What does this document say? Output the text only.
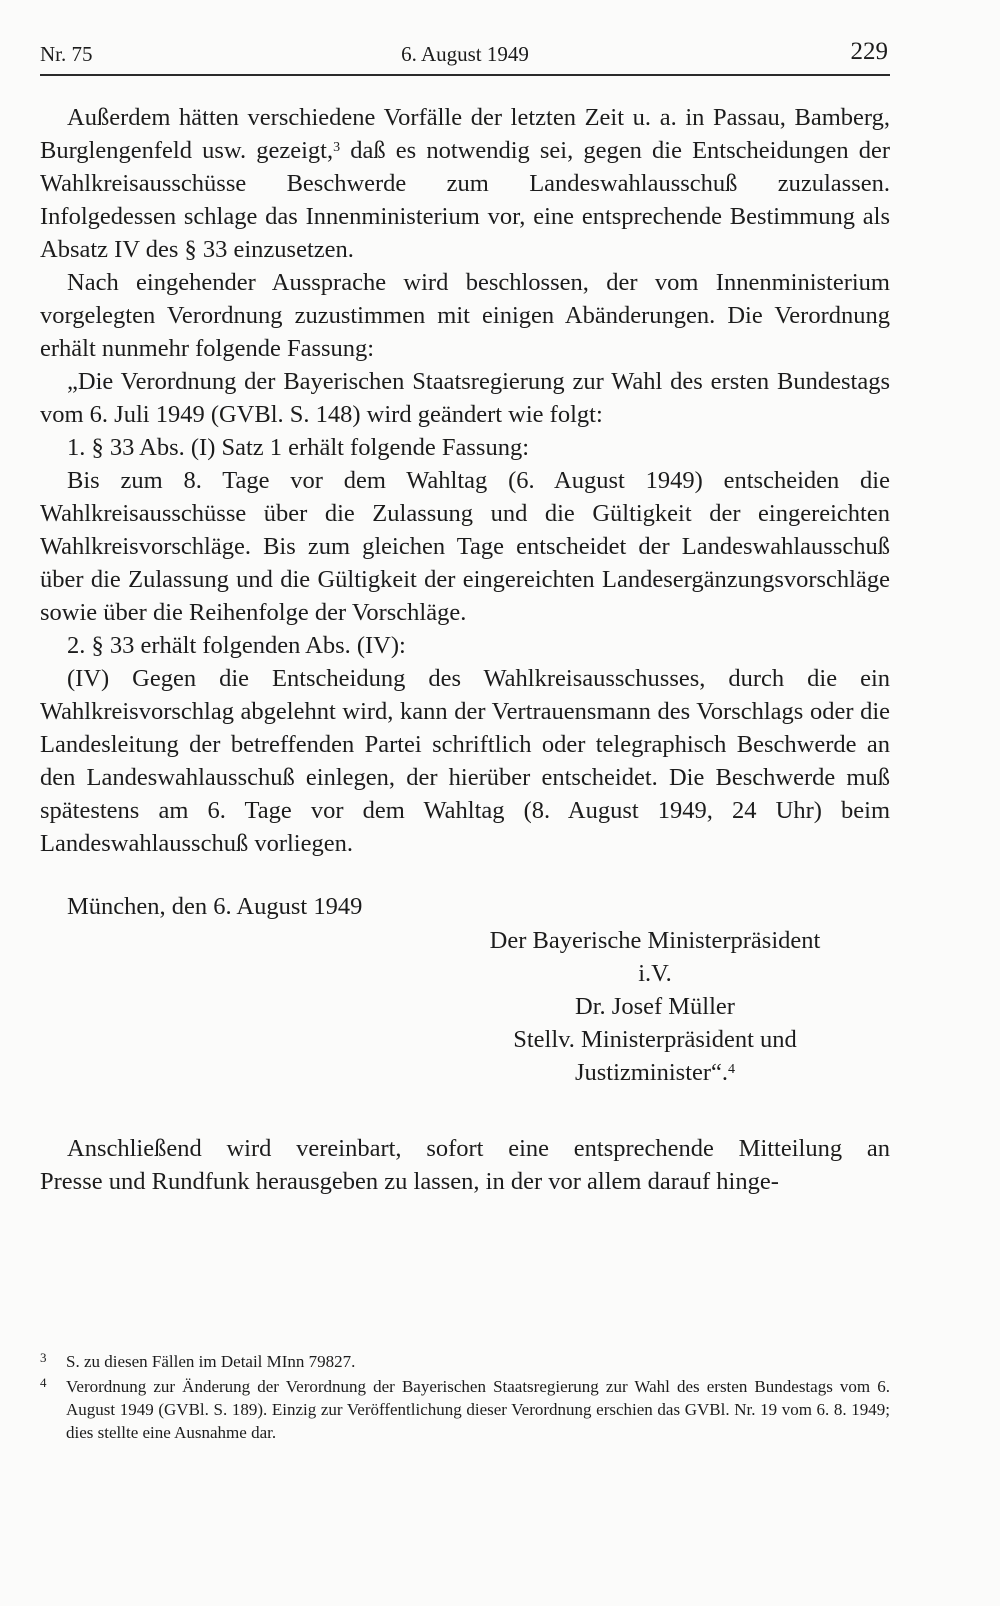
Nr. 75	6. August 1949	229

Außerdem hätten verschiedene Vorfälle der letzten Zeit u. a. in Passau, Bamberg, Burglengenfeld usw. gezeigt,$^3$ daß es notwendig sei, gegen die Entscheidungen der Wahlkreisausschüsse Beschwerde zum Landeswahlausschuß zuzulassen. Infolgedessen schlage das Innenministerium vor, eine entsprechende Bestimmung als Absatz IV des § 33 einzusetzen.

Nach eingehender Aussprache wird beschlossen, der vom Innenministerium vorgelegten Verordnung zuzustimmen mit einigen Abänderungen. Die Verordnung erhält nunmehr folgende Fassung:

„Die Verordnung der Bayerischen Staatsregierung zur Wahl des ersten Bundestags vom 6. Juli 1949 (GVBl. S. 148) wird geändert wie folgt:

1. § 33 Abs. (I) Satz 1 erhält folgende Fassung:

Bis zum 8. Tage vor dem Wahltag (6. August 1949) entscheiden die Wahlkreisausschüsse über die Zulassung und die Gültigkeit der eingereichten Wahlkreisvorschläge. Bis zum gleichen Tage entscheidet der Landeswahlausschuß über die Zulassung und die Gültigkeit der eingereichten Landesergänzungsvorschläge sowie über die Reihenfolge der Vorschläge.

2. § 33 erhält folgenden Abs. (IV):

(IV) Gegen die Entscheidung des Wahlkreisausschusses, durch die ein Wahlkreisvorschlag abgelehnt wird, kann der Vertrauensmann des Vorschlags oder die Landesleitung der betreffenden Partei schriftlich oder telegraphisch Beschwerde an den Landeswahlausschuß einlegen, der hierüber entscheidet. Die Beschwerde muß spätestens am 6. Tage vor dem Wahltag (8. August 1949, 24 Uhr) beim Landeswahlausschuß vorliegen.

München, den 6. August 1949
Der Bayerische Ministerpräsident
i.V.
Dr. Josef Müller
Stellv. Ministerpräsident und
Justizminister“.$^4$

Anschließend wird vereinbart, sofort eine entsprechende Mitteilung an

Presse und Rundfunk herausgeben zu lassen, in der vor allem darauf hinge-

3 S. zu diesen Fällen im Detail MInn 79827.
4 Verordnung zur Änderung der Verordnung der Bayerischen Staatsregierung zur Wahl des ersten Bundestags vom 6. August 1949 (GVBl. S. 189). Einzig zur Veröffentlichung dieser Verordnung erschien das GVBl. Nr. 19 vom 6. 8. 1949; dies stellte eine Ausnahme dar.
